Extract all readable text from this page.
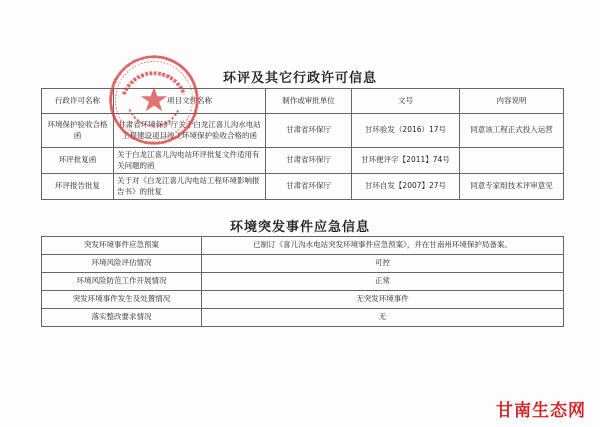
环评及其它行政许可信息
行政许可名称	项目文件名称	制作或审批单位	文号	内容说明
环境保护验收合格函	甘肃省环境保护厅关于白龙江喜儿沟水电站工程建设项目竣工环境保护验收合格的函	甘肃省环保厅	甘环验发（2016）17号	同意该工程正式投入运营
环评批复函	关于白龙江喜儿沟电站环评批复文件适用有关问题的函	甘肃省环保厅	甘环便评字【2011】74号	
环评报告批复	关于对《白龙江喜儿沟电站工程环境影响报告书》的批复	甘肃省环保厅	甘环自发【2007】27号	同意专家组技术评审意见
环境突发事件应急信息
突发环境事件应急预案	已制订《喜儿沟水电站突发环境事件应急预案》，并在甘南州环境保护局备案。
环境风险评估情况	可控
环境风险防范工作开展情况	正常
突发环境事件发生及处置情况	无突发环境事件
落实整改要求情况	无
甘南生态网
